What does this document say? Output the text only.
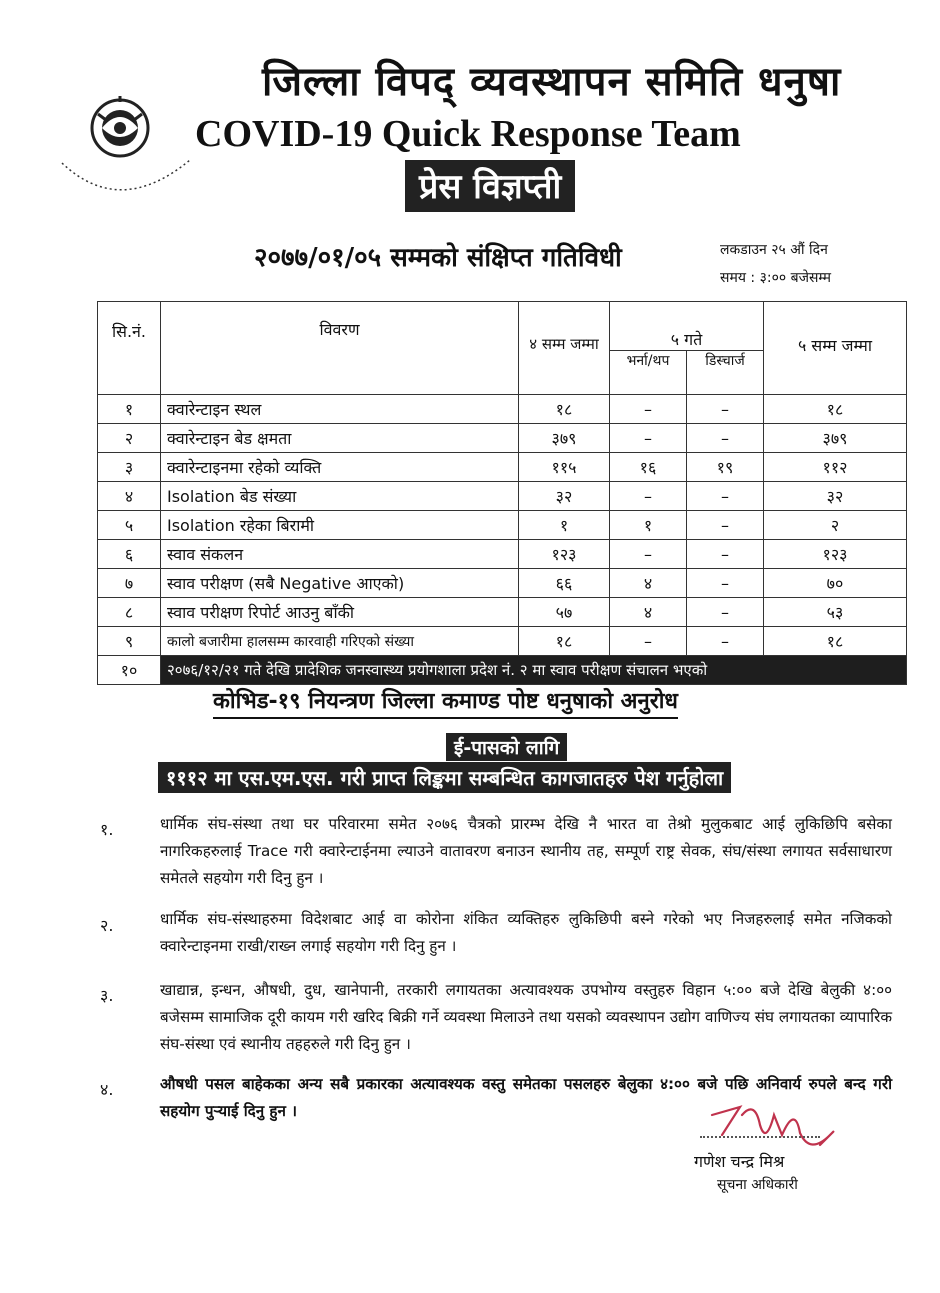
जिल्ला विपद् व्यवस्थापन समिति धनुषा
COVID-19 Quick Response Team
प्रेस विज्ञप्ती
२०७७/०१/०५ सम्मको संक्षिप्त गतिविधी	लकडाउन २५ औं दिन
समय : ३:०० बजेसम्म
सि.नं.	विवरण	४ सम्म जम्मा	५ गते		५ सम्म जम्मा
			भर्ना/थप	डिस्चार्ज	
१	क्वारेन्टाइन स्थल	१८	–	–	१८
२	क्वारेन्टाइन बेड क्षमता	३७९	–	–	३७९
३	क्वारेन्टाइनमा रहेको व्यक्ति	११५	१६	१९	११२
४	Isolation बेड संख्या	३२	–	–	३२
५	Isolation रहेका बिरामी	१	१	–	२
६	स्वाव संकलन	१२३	–	–	१२३
७	स्वाव परीक्षण (सबै Negative आएको)	६६	४	–	७०
८	स्वाव परीक्षण रिपोर्ट आउनु बाँकी	५७	४	–	५३
९	कालो बजारीमा हालसम्म कारवाही गरिएको संख्या	१८	–	–	१८
१०	२०७६/१२/२१ गते देखि प्रादेशिक जनस्वास्थ्य प्रयोगशाला प्रदेश नं. २ मा स्वाव परीक्षण संचालन भएको				
कोभिड-१९ नियन्त्रण जिल्ला कमाण्ड पोष्ट धनुषाको अनुरोध
ई-पासको लागि
१११२ मा एस.एम.एस. गरी प्राप्त लिङ्कमा सम्बन्धित कागजातहरु पेश गर्नुहोला
१.	धार्मिक संघ-संस्था तथा घर परिवारमा समेत २०७६ चैत्रको प्रारम्भ देखि नै भारत वा तेश्रो मुलुकबाट आई लुकिछिपि बसेका नागरिकहरुलाई Trace गरी क्वारेन्टाईनमा ल्याउने वातावरण बनाउन स्थानीय तह, सम्पूर्ण राष्ट्र सेवक, संघ/संस्था लगायत सर्वसाधारण समेतले सहयोग गरी दिनु हुन ।
२.	धार्मिक संघ-संस्थाहरुमा विदेशबाट आई वा कोरोना शंकित व्यक्तिहरु लुकिछिपी बस्ने गरेको भए निजहरुलाई समेत नजिकको क्वारेन्टाइनमा राखी/राख्न लगाई सहयोग गरी दिनु हुन ।
३.	खाद्यान्न, इन्धन, औषधी, दुध, खानेपानी, तरकारी लगायतका अत्यावश्यक उपभोग्य वस्तुहरु विहान ५:०० बजे देखि बेलुकी ४:०० बजेसम्म सामाजिक दूरी कायम गरी खरिद बिक्री गर्ने व्यवस्था मिलाउने तथा यसको व्यवस्थापन उद्योग वाणिज्य संघ लगायतका व्यापारिक संघ-संस्था एवं स्थानीय तहहरुले गरी दिनु हुन ।
४.	औषधी पसल बाहेकका अन्य सबै प्रकारका अत्यावश्यक वस्तु समेतका पसलहरु बेलुका ४:०० बजे पछि अनिवार्य रुपले बन्द गरी सहयोग पुऱ्याई दिनु हुन ।
गणेश चन्द्र मिश्र
सूचना अधिकारी
